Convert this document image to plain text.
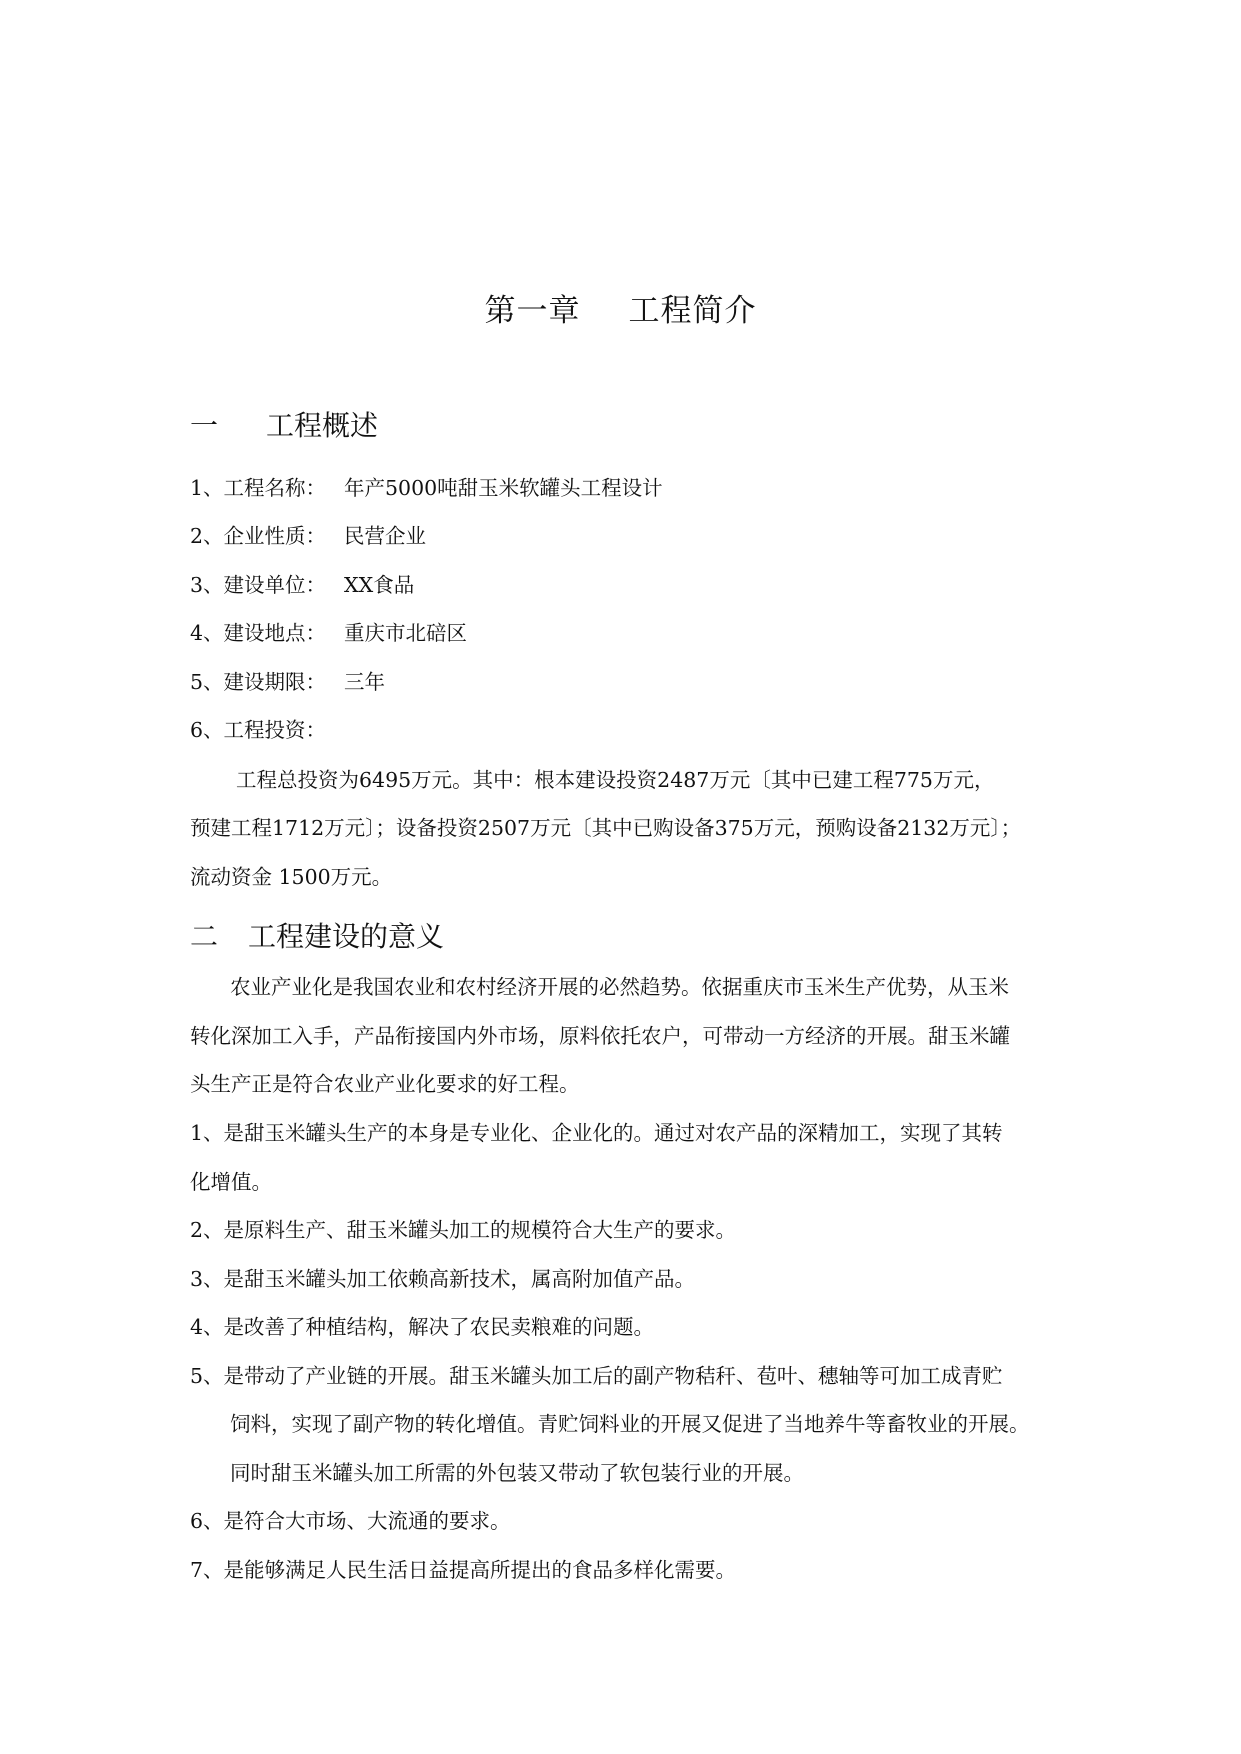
第一章 工程简介
一 工程概述
1、工程名称： 年产5000吨甜玉米软罐头工程设计
2、企业性质： 民营企业
3、建设单位： XX食品
4、建设地点： 重庆市北碚区
5、建设期限： 三年
6、工程投资：
工程总投资为6495万元。其中：根本建设投资2487万元〔其中已建工程775万元，
预建工程1712万元〕；设备投资2507万元〔其中已购设备375万元，预购设备2132万元〕；
流动资金 1500万元。
二 工程建设的意义
农业产业化是我国农业和农村经济开展的必然趋势。依据重庆市玉米生产优势，从玉米
转化深加工入手，产品衔接国内外市场，原料依托农户，可带动一方经济的开展。甜玉米罐
头生产正是符合农业产业化要求的好工程。
1、是甜玉米罐头生产的本身是专业化、企业化的。通过对农产品的深精加工，实现了其转
化增值。
2、是原料生产、甜玉米罐头加工的规模符合大生产的要求。
3、是甜玉米罐头加工依赖高新技术，属高附加值产品。
4、是改善了种植结构，解决了农民卖粮难的问题。
5、是带动了产业链的开展。甜玉米罐头加工后的副产物秸秆、苞叶、穗轴等可加工成青贮
饲料，实现了副产物的转化增值。青贮饲料业的开展又促进了当地养牛等畜牧业的开展。
同时甜玉米罐头加工所需的外包装又带动了软包装行业的开展。
6、是符合大市场、大流通的要求。
7、是能够满足人民生活日益提高所提出的食品多样化需要。
